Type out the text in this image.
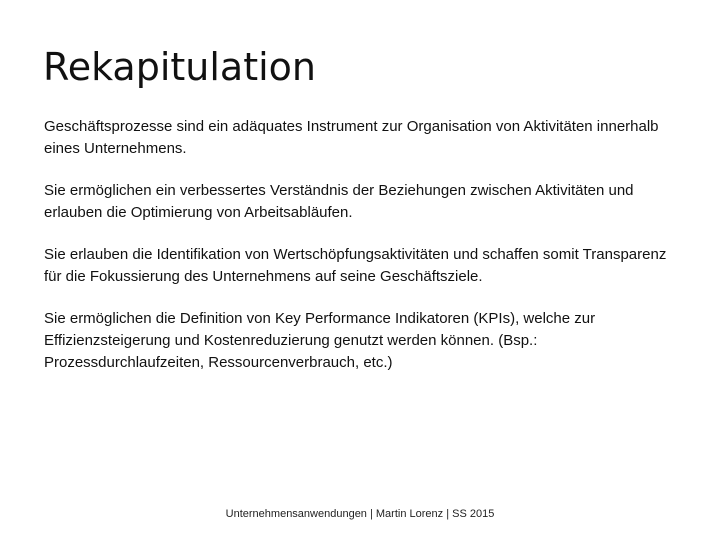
Rekapitulation

Geschäftsprozesse sind ein adäquates Instrument zur Organisation von Aktivitäten innerhalb eines Unternehmens.

Sie ermöglichen ein verbessertes Verständnis der Beziehungen zwischen Aktivitäten und erlauben die Optimierung von Arbeitsabläufen.

Sie erlauben die Identifikation von Wertschöpfungsaktivitäten und schaffen somit Transparenz für die Fokussierung des Unternehmens auf seine Geschäftsziele.

Sie ermöglichen die Definition von Key Performance Indikatoren (KPIs), welche zur Effizienzsteigerung und Kostenreduzierung genutzt werden können. (Bsp.: Prozessdurchlaufzeiten, Ressourcenverbrauch, etc.)

Unternehmensanwendungen | Martin Lorenz | SS 2015
